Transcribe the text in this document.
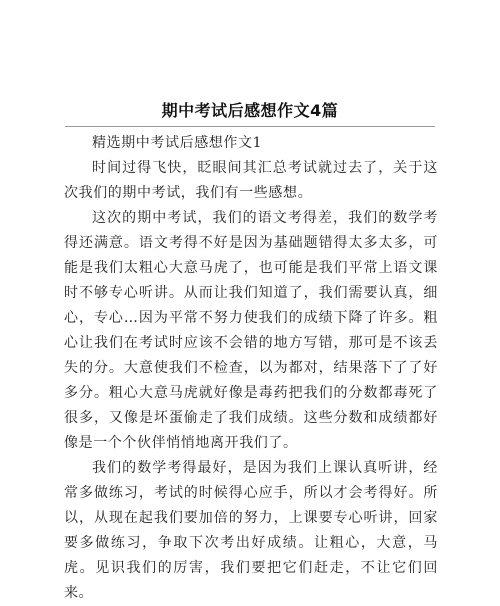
期中考试后感想作文4篇

精选期中考试后感想作文1

时间过得飞快，眨眼间其汇总考试就过去了，关于这次我们的期中考试，我们有一些感想。

这次的期中考试，我们的语文考得差，我们的数学考得还满意。语文考得不好是因为基础题错得太多太多，可能是我们太粗心大意马虎了，也可能是我们平常上语文课时不够专心听讲。从而让我们知道了，我们需要认真，细心，专心…因为平常不努力使我们的成绩下降了许多。粗心让我们在考试时应该不会错的地方写错，那可是不该丢失的分。大意使我们不检查，以为都对，结果落下了了好多分。粗心大意马虎就好像是毒药把我们的分数都毒死了很多，又像是坏蛋偷走了我们成绩。这些分数和成绩都好像是一个个伙伴悄悄地离开我们了。

我们的数学考得最好，是因为我们上课认真听讲，经常多做练习，考试的时候得心应手，所以才会考得好。所以，从现在起我们要加倍的努力，上课要专心听讲，回家要多做练习，争取下次考出好成绩。让粗心，大意，马虎。见识我们的厉害，我们要把它们赶走，不让它们回来。
